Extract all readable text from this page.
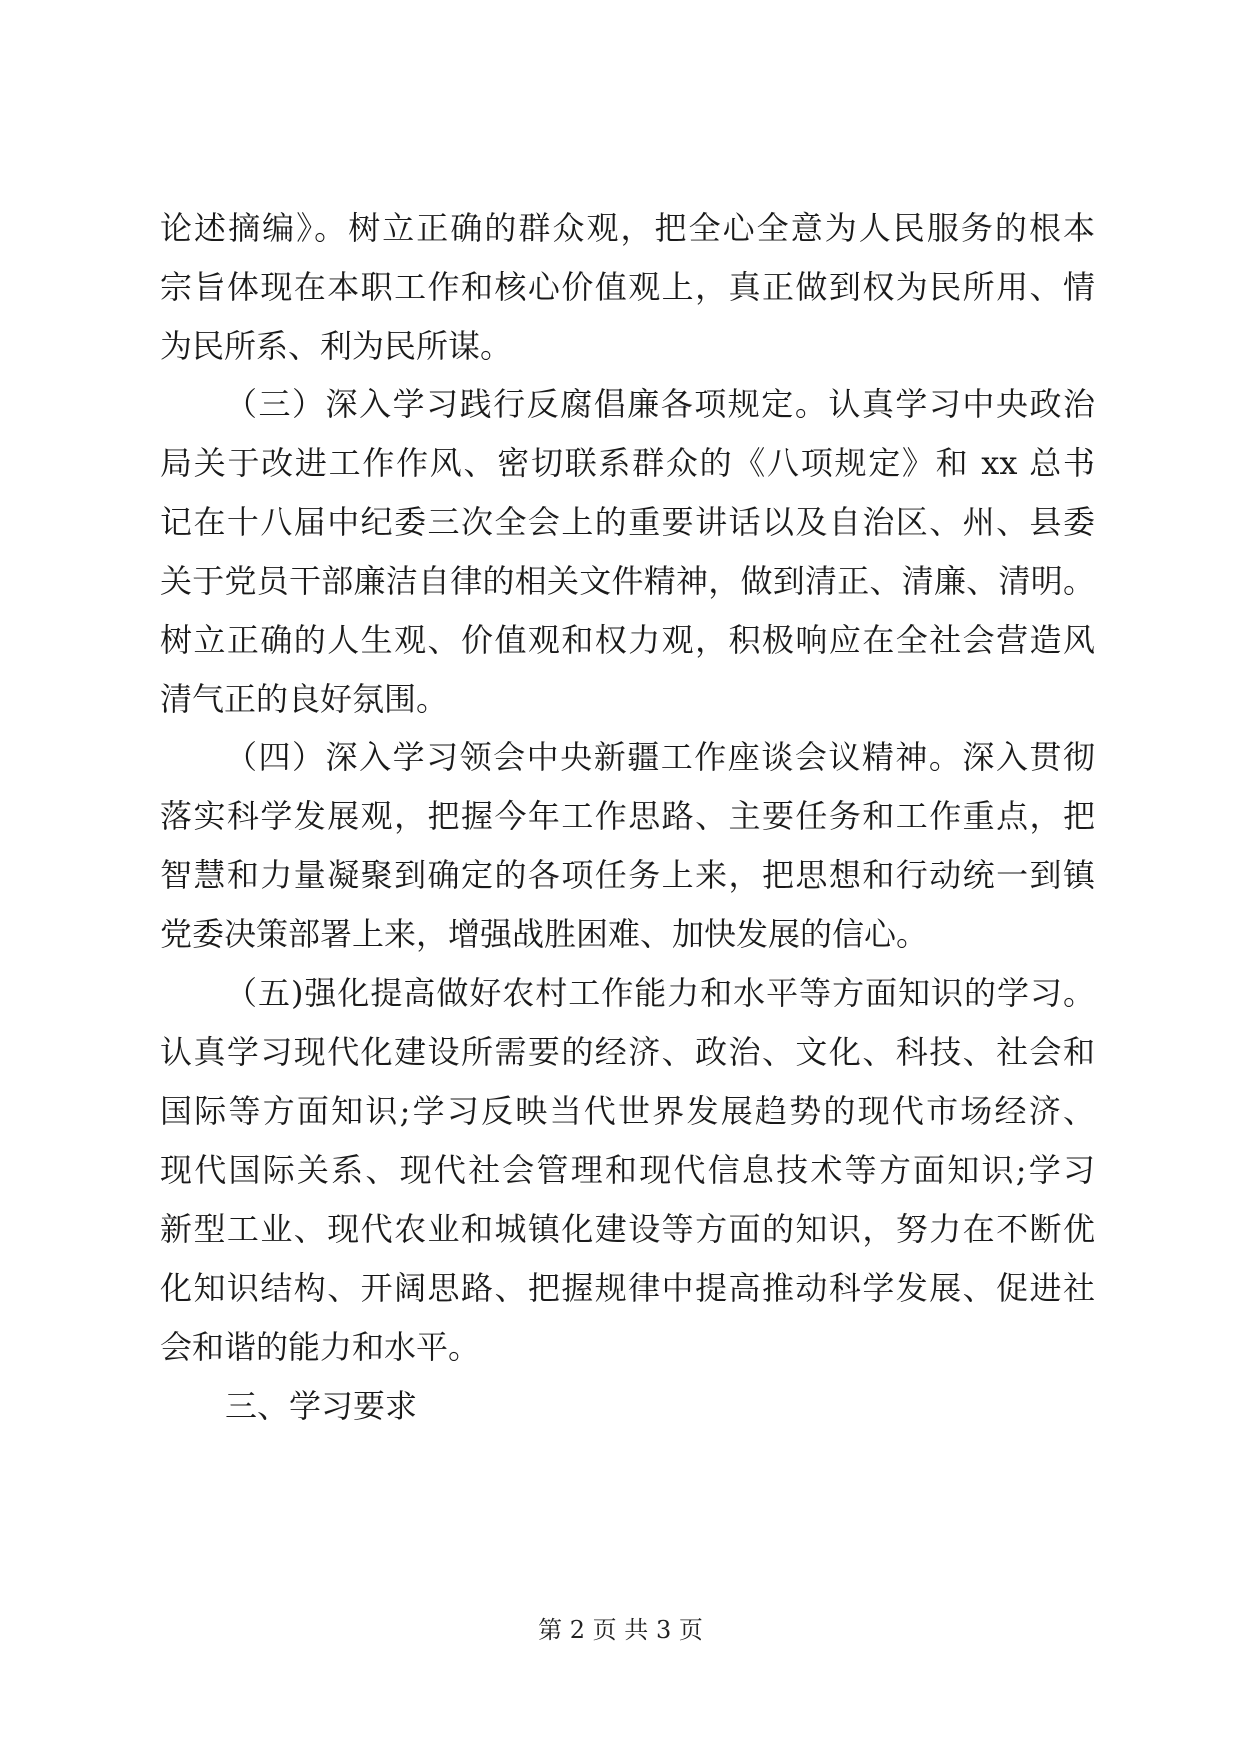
论述摘编》。树立正确的群众观，把全心全意为人民服务的根本
宗旨体现在本职工作和核心价值观上，真正做到权为民所用、情
为民所系、利为民所谋。
（三）深入学习践行反腐倡廉各项规定。认真学习中央政治
局关于改进工作作风、密切联系群众的《八项规定》和 xx 总书
记在十八届中纪委三次全会上的重要讲话以及自治区、州、县委
关于党员干部廉洁自律的相关文件精神，做到清正、清廉、清明。
树立正确的人生观、价值观和权力观，积极响应在全社会营造风
清气正的良好氛围。
（四）深入学习领会中央新疆工作座谈会议精神。深入贯彻
落实科学发展观，把握今年工作思路、主要任务和工作重点，把
智慧和力量凝聚到确定的各项任务上来，把思想和行动统一到镇
党委决策部署上来，增强战胜困难、加快发展的信心。
（五)强化提高做好农村工作能力和水平等方面知识的学习。
认真学习现代化建设所需要的经济、政治、文化、科技、社会和
国际等方面知识;学习反映当代世界发展趋势的现代市场经济、
现代国际关系、现代社会管理和现代信息技术等方面知识;学习
新型工业、现代农业和城镇化建设等方面的知识，努力在不断优
化知识结构、开阔思路、把握规律中提高推动科学发展、促进社
会和谐的能力和水平。
三、学习要求
第 2 页 共 3 页
